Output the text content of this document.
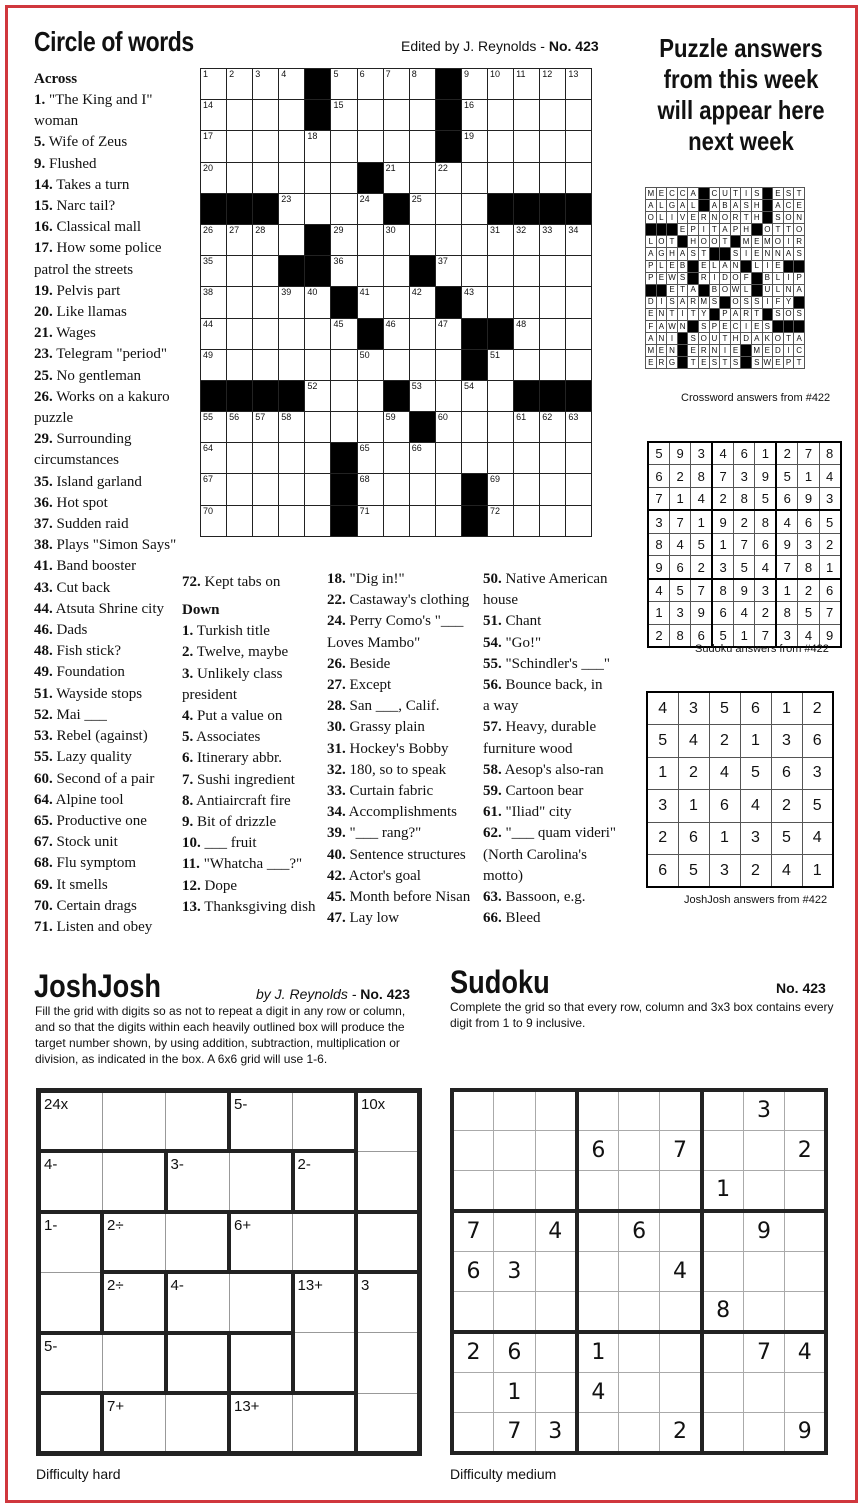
Circle of words	Edited by J. Reynolds - No. 423
Across
1. "The King and I"
woman
5. Wife of Zeus
9. Flushed
14. Takes a turn
15. Narc tail?
16. Classical mall
17. How some police
patrol the streets
19. Pelvis part
20. Like llamas
21. Wages
23. Telegram "period"
25. No gentleman
26. Works on a kakuro
puzzle
29. Surrounding
circumstances
35. Island garland
36. Hot spot
37. Sudden raid
38. Plays "Simon Says"
41. Band booster
43. Cut back
44. Atsuta Shrine city
46. Dads
48. Fish stick?
49. Foundation
51. Wayside stops
52. Mai ___
53. Rebel (against)
55. Lazy quality
60. Second of a pair
64. Alpine tool
65. Productive one
67. Stock unit
68. Flu symptom
69. It smells
70. Certain drags
71. Listen and obey
1	2	3	4		5	6	7	8		9	10	11	12	13

14					15					16				

17				18						19				

20							21		22					

			23			24		25						

26	27	28			29		30				31	32	33	34

35					36				37					

38			39	40		41		42		43				

44					45		46		47			48		

49						50					51			

				52				53		54				

55	56	57	58				59		60			61	62	63

64						65		66						

67						68					69			

70						71					72			

72. Kept tabs on
Down
1. Turkish title
2. Twelve, maybe
3. Unlikely class
president
4. Put a value on
5. Associates
6. Itinerary abbr.
7. Sushi ingredient
8. Antiaircraft fire
9. Bit of drizzle
10. ___ fruit
11. "Whatcha ___?"
12. Dope
13. Thanksgiving dish
18. "Dig in!"
22. Castaway's clothing
24. Perry Como's "___
Loves Mambo"
26. Beside
27. Except
28. San ___, Calif.
30. Grassy plain
31. Hockey's Bobby
32. 180, so to speak
33. Curtain fabric
34. Accomplishments
39. "___ rang?"
40. Sentence structures
42. Actor's goal
45. Month before Nisan
47. Lay low
50. Native American
house
51. Chant
54. "Go!"
55. "Schindler's ___"
56. Bounce back, in
a way
57. Heavy, durable
furniture wood
58. Aesop's also-ran
59. Cartoon bear
61. "Iliad" city
62. "___ quam videri"
(North Carolina's
motto)
63. Bassoon, e.g.
66. Bleed
Puzzle answers from this week will appear here next week
M	E	C	C	A		C	U	T	I	S		E	S	T
A	L	G	A	L		A	B	A	S	H		A	C	E
O	L	I	V	E	R	N	O	R	T	H		S	O	N
			E	P	I	T	A	P	H		O	T	T	O
L	O	T		H	O	O	T		M	E	M	O	I	R
A	G	H	A	S	T			S	I	E	N	N	A	S
P	L	E	B		E	L	A	N		L	I	E		
P	E	W	S		R	I	D	O	F		B	L	I	P
		E	T	A		B	O	W	L		U	L	N	A
D	I	S	A	R	M	S		O	S	S	I	F	Y	
E	N	T	I	T	Y		P	A	R	T		S	O	S
F	A	W	N		S	P	E	C	I	E	S			
A	N	I		S	O	U	T	H	D	A	K	O	T	A
M	E	N		E	R	N	I	E		M	E	D	I	C
E	R	G		T	E	S	T	S		S	W	E	P	T
Crossword answers from #422
5	9	3	4	6	1	2	7	8
6	2	8	7	3	9	5	1	4
7	1	4	2	8	5	6	9	3
3	7	1	9	2	8	4	6	5
8	4	5	1	7	6	9	3	2
9	6	2	3	5	4	7	8	1
4	5	7	8	9	3	1	2	6
1	3	9	6	4	2	8	5	7
2	8	6	5	1	7	3	4	9
Sudoku answers from #422
4	3	5	6	1	2
5	4	2	1	3	6
1	2	4	5	6	3
3	1	6	4	2	5
2	6	1	3	5	4
6	5	3	2	4	1
JoshJosh answers from #422
JoshJosh	by J. Reynolds - No. 423
Fill the grid with digits so as not to repeat a digit in any row or column, and so that the digits within each heavily outlined box will produce the target number shown, by using addition, subtraction, multiplication or division, as indicated in the box. A 6x6 grid will use 1-6.
24x			5-		10x

4-		3-		2-	

1-	2÷		6+		

	2÷	4-		13+	3

5-					

	7+		13+		

Difficulty hard
Sudoku	No. 423
Complete the grid so that every row, column and 3x3 box contains every digit from 1 to 9 inclusive.
							3	
			6		7			2
						1		
7		4		6			9	
6	3				4			
						8		
2	6		1				7	4
	1		4					
	7	3			2			9
Difficulty medium
